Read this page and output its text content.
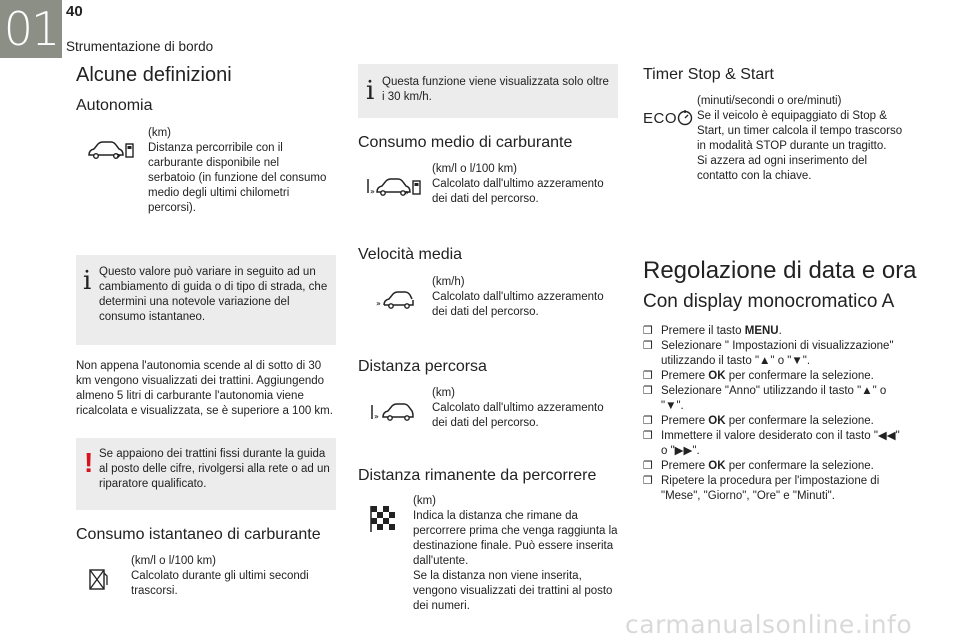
01 40
Strumentazione di bordo
Alcune definizioni
Autonomia
»
(km)
Distanza percorribile con il carburante disponibile nel serbatoio (in funzione del consumo medio degli ultimi chilometri percorsi).
i Questo valore può variare in seguito ad un cambiamento di guida o di tipo di strada, che determini una notevole variazione del consumo istantaneo.
Non appena l'autonomia scende al di sotto di 30 km vengono visualizzati dei trattini. Aggiungendo almeno 5 litri di carburante l'autonomia viene ricalcolata e visualizzata, se è superiore a 100 km.
! Se appaiono dei trattini fissi durante la guida al posto delle cifre, rivolgersi alla rete o ad un riparatore qualificato.
Consumo istantaneo di carburante
(km/l o l/100 km)
Calcolato durante gli ultimi secondi trascorsi.
i Questa funzione viene visualizzata solo oltre i 30 km/h.
Consumo medio di carburante
»	»
(km/l o l/100 km)
Calcolato dall'ultimo azzeramento dei dati del percorso.
Velocità media
»
(km/h)
Calcolato dall'ultimo azzeramento dei dati del percorso.
Distanza percorsa
»
(km)
Calcolato dall'ultimo azzeramento dei dati del percorso.
Distanza rimanente da percorrere
(km)
Indica la distanza che rimane da percorrere prima che venga raggiunta la destinazione finale. Può essere inserita dall'utente.
Se la distanza non viene inserita, vengono visualizzati dei trattini al posto dei numeri.
Timer Stop & Start
ECO
(minuti/secondi o ore/minuti)
Se il veicolo è equipaggiato di Stop & Start, un timer calcola il tempo trascorso in modalità STOP durante un tragitto.
Si azzera ad ogni inserimento del contatto con la chiave.
Regolazione di data e ora
Con display monocromatico A
❐ Premere il tasto MENU.
❐ Selezionare " Impostazioni di visualizzazione" utilizzando il tasto "▲" o "▼".
❐ Premere OK per confermare la selezione.
❐ Selezionare "Anno" utilizzando il tasto "▲" o "▼".
❐ Premere OK per confermare la selezione.
❐ Immettere il valore desiderato con il tasto "◀◀" o "▶▶".
❐ Premere OK per confermare la selezione.
❐ Ripetere la procedura per l'impostazione di "Mese", "Giorno", "Ore" e "Minuti".
carmanualsonline.info
